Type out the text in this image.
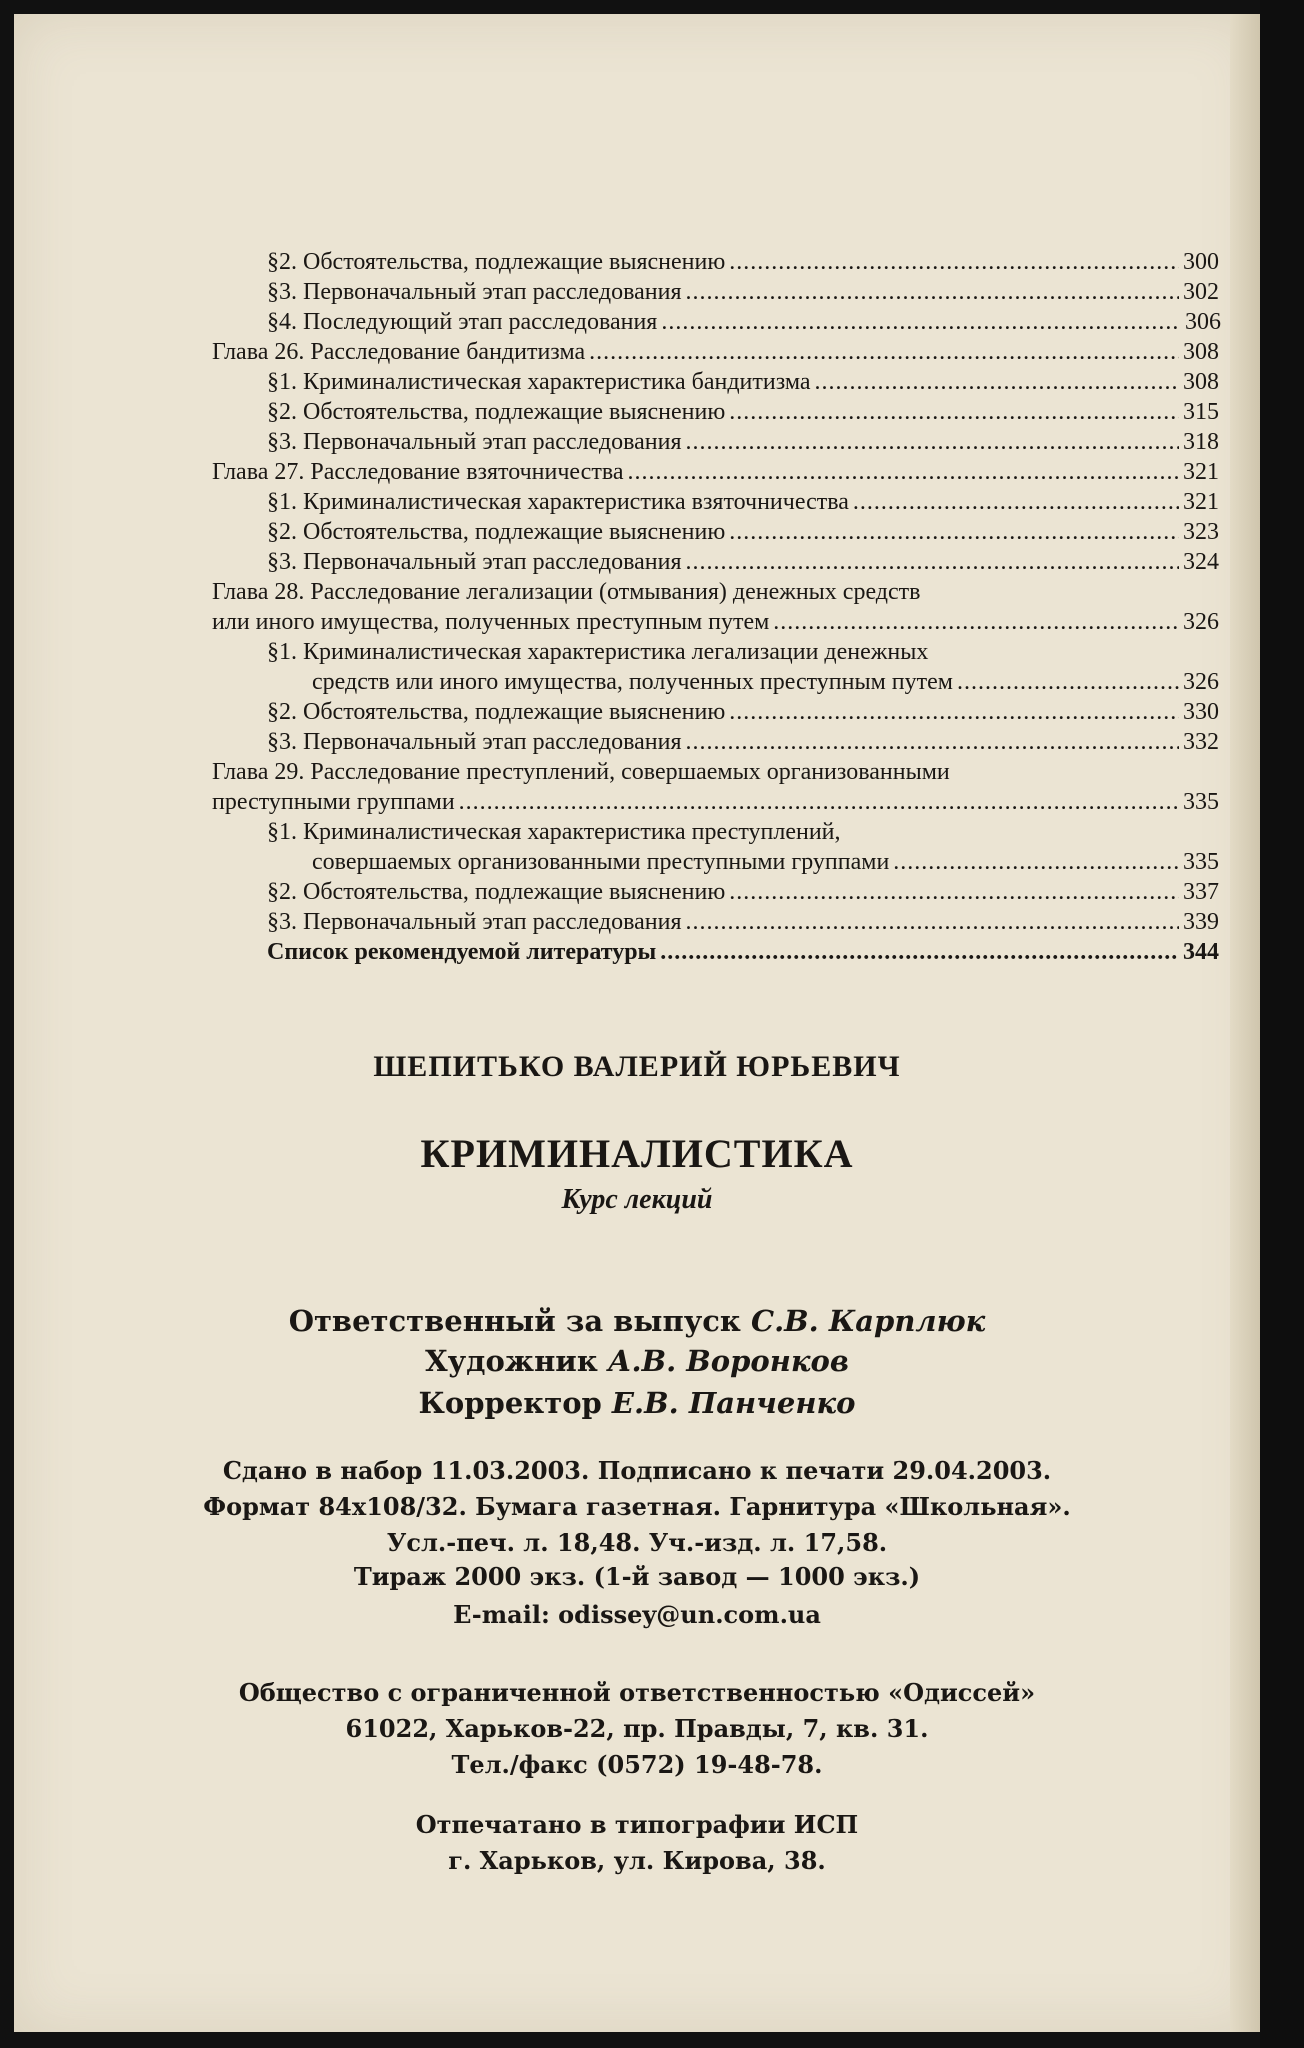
§2. Обстоятельства, подлежащие выяснению .....	300
§3. Первоначальный этап расследования .....	302
§4. Последующий этап расследования .....	306
Глава 26. Расследование бандитизма .....	308
§1. Криминалистическая характеристика бандитизма .....	308
§2. Обстоятельства, подлежащие выяснению .....	315
§3. Первоначальный этап расследования .....	318
Глава 27. Расследование взяточничества .....	321
§1. Криминалистическая характеристика взяточничества .....	321
§2. Обстоятельства, подлежащие выяснению .....	323
§3. Первоначальный этап расследования .....	324
Глава 28. Расследование легализации (отмывания) денежных средств
или иного имущества, полученных преступным путем .....	326
§1. Криминалистическая характеристика легализации денежных
средств или иного имущества, полученных преступным путем .....	326
§2. Обстоятельства, подлежащие выяснению .....	330
§3. Первоначальный этап расследования .....	332
Глава 29. Расследование преступлений, совершаемых организованными
преступными группами .....	335
§1. Криминалистическая характеристика преступлений,
совершаемых организованными преступными группами .....	335
§2. Обстоятельства, подлежащие выяснению .....	337
§3. Первоначальный этап расследования .....	339
Список рекомендуемой литературы .....	344
ШЕПИТЬКО ВАЛЕРИЙ ЮРЬЕВИЧ
КРИМИНАЛИСТИКА
Курс лекций
Ответственный за выпуск С.В. Карплюк
Художник А.В. Воронков
Корректор Е.В. Панченко
Сдано в набор 11.03.2003. Подписано к печати 29.04.2003.
Формат 84x108/32. Бумага газетная. Гарнитура «Школьная».
Усл.-печ. л. 18,48. Уч.-изд. л. 17,58.
Тираж 2000 экз. (1-й завод — 1000 экз.)
E-mail: odissey@un.com.ua
Общество с ограниченной ответственностью «Одиссей»
61022, Харьков-22, пр. Правды, 7, кв. 31.
Тел./факс (0572) 19-48-78.
Отпечатано в типографии ИСП
г. Харьков, ул. Кирова, 38.
